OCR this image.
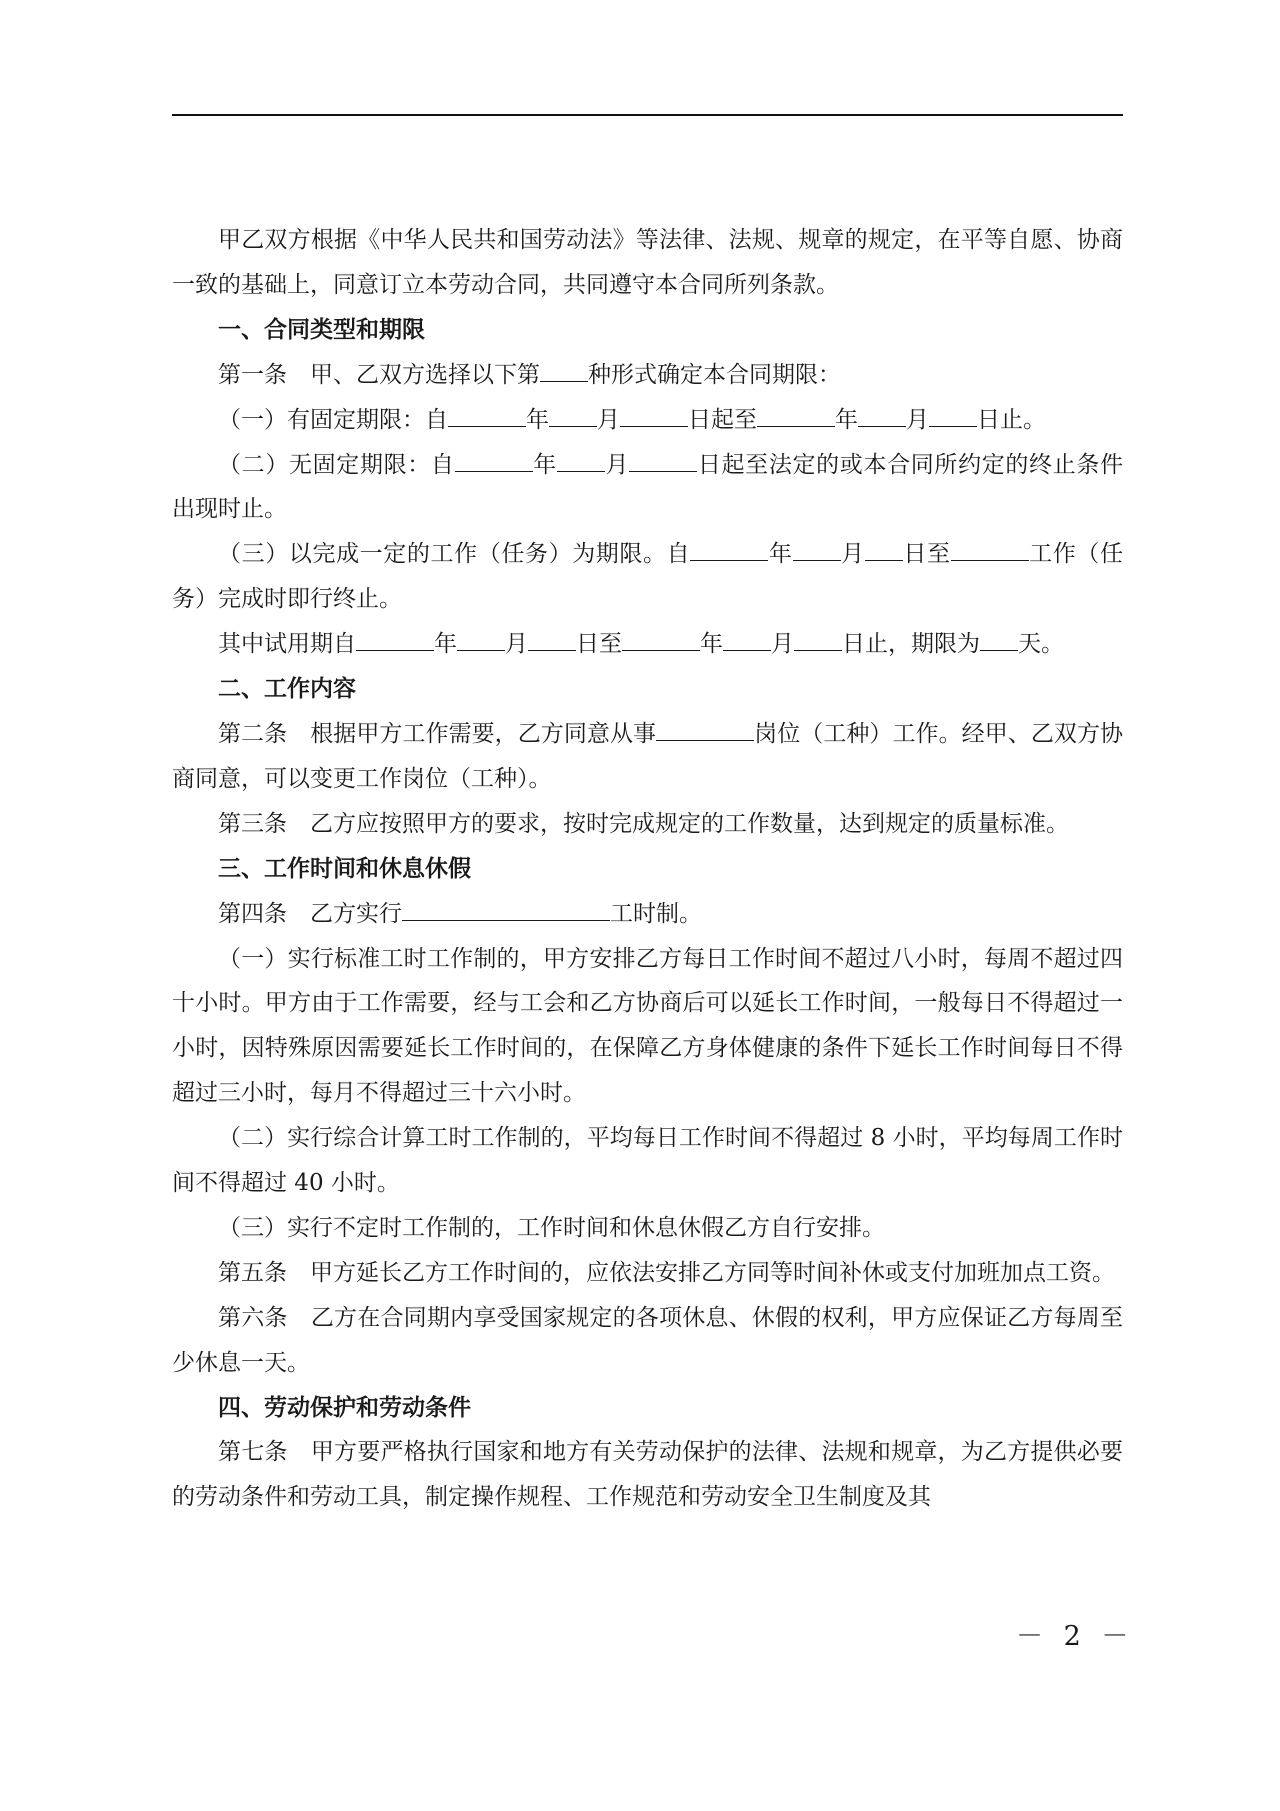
甲乙双方根据《中华人民共和国劳动法》等法律、法规、规章的规定，在平等自愿、协商一致的基础上，同意订立本劳动合同，共同遵守本合同所列条款。

一、合同类型和期限

第一条　甲、乙双方选择以下第 种形式确定本合同期限：

（一）有固定期限：自	年 月	日起至	年 月 日止。

（二）无固定期限：自	年 月	日起至法定的或本合同所约定的终止条件出现时止。

（三）以完成一定的工作（任务）为期限。自	年 月 日至	工作（任务）完成时即行终止。

其中试用期自	年 月 日至	年 月 日止，期限为 天。

二、工作内容

第二条　根据甲方工作需要，乙方同意从事	岗位（工种）工作。经甲、乙双方协商同意，可以变更工作岗位（工种）。

第三条　乙方应按照甲方的要求，按时完成规定的工作数量，达到规定的质量标准。

三、工作时间和休息休假

第四条　乙方实行	工时制。

（一）实行标准工时工作制的，甲方安排乙方每日工作时间不超过八小时，每周不超过四十小时。甲方由于工作需要，经与工会和乙方协商后可以延长工作时间，一般每日不得超过一小时，因特殊原因需要延长工作时间的，在保障乙方身体健康的条件下延长工作时间每日不得超过三小时，每月不得超过三十六小时。

（二）实行综合计算工时工作制的，平均每日工作时间不得超过 8 小时，平均每周工作时间不得超过 40 小时。

（三）实行不定时工作制的，工作时间和休息休假乙方自行安排。

第五条　甲方延长乙方工作时间的，应依法安排乙方同等时间补休或支付加班加点工资。

第六条　乙方在合同期内享受国家规定的各项休息、休假的权利，甲方应保证乙方每周至少休息一天。

四、劳动保护和劳动条件

第七条　甲方要严格执行国家和地方有关劳动保护的法律、法规和规章，为乙方提供必要的劳动条件和劳动工具，制定操作规程、工作规范和劳动安全卫生制度及其

－ 2 －
